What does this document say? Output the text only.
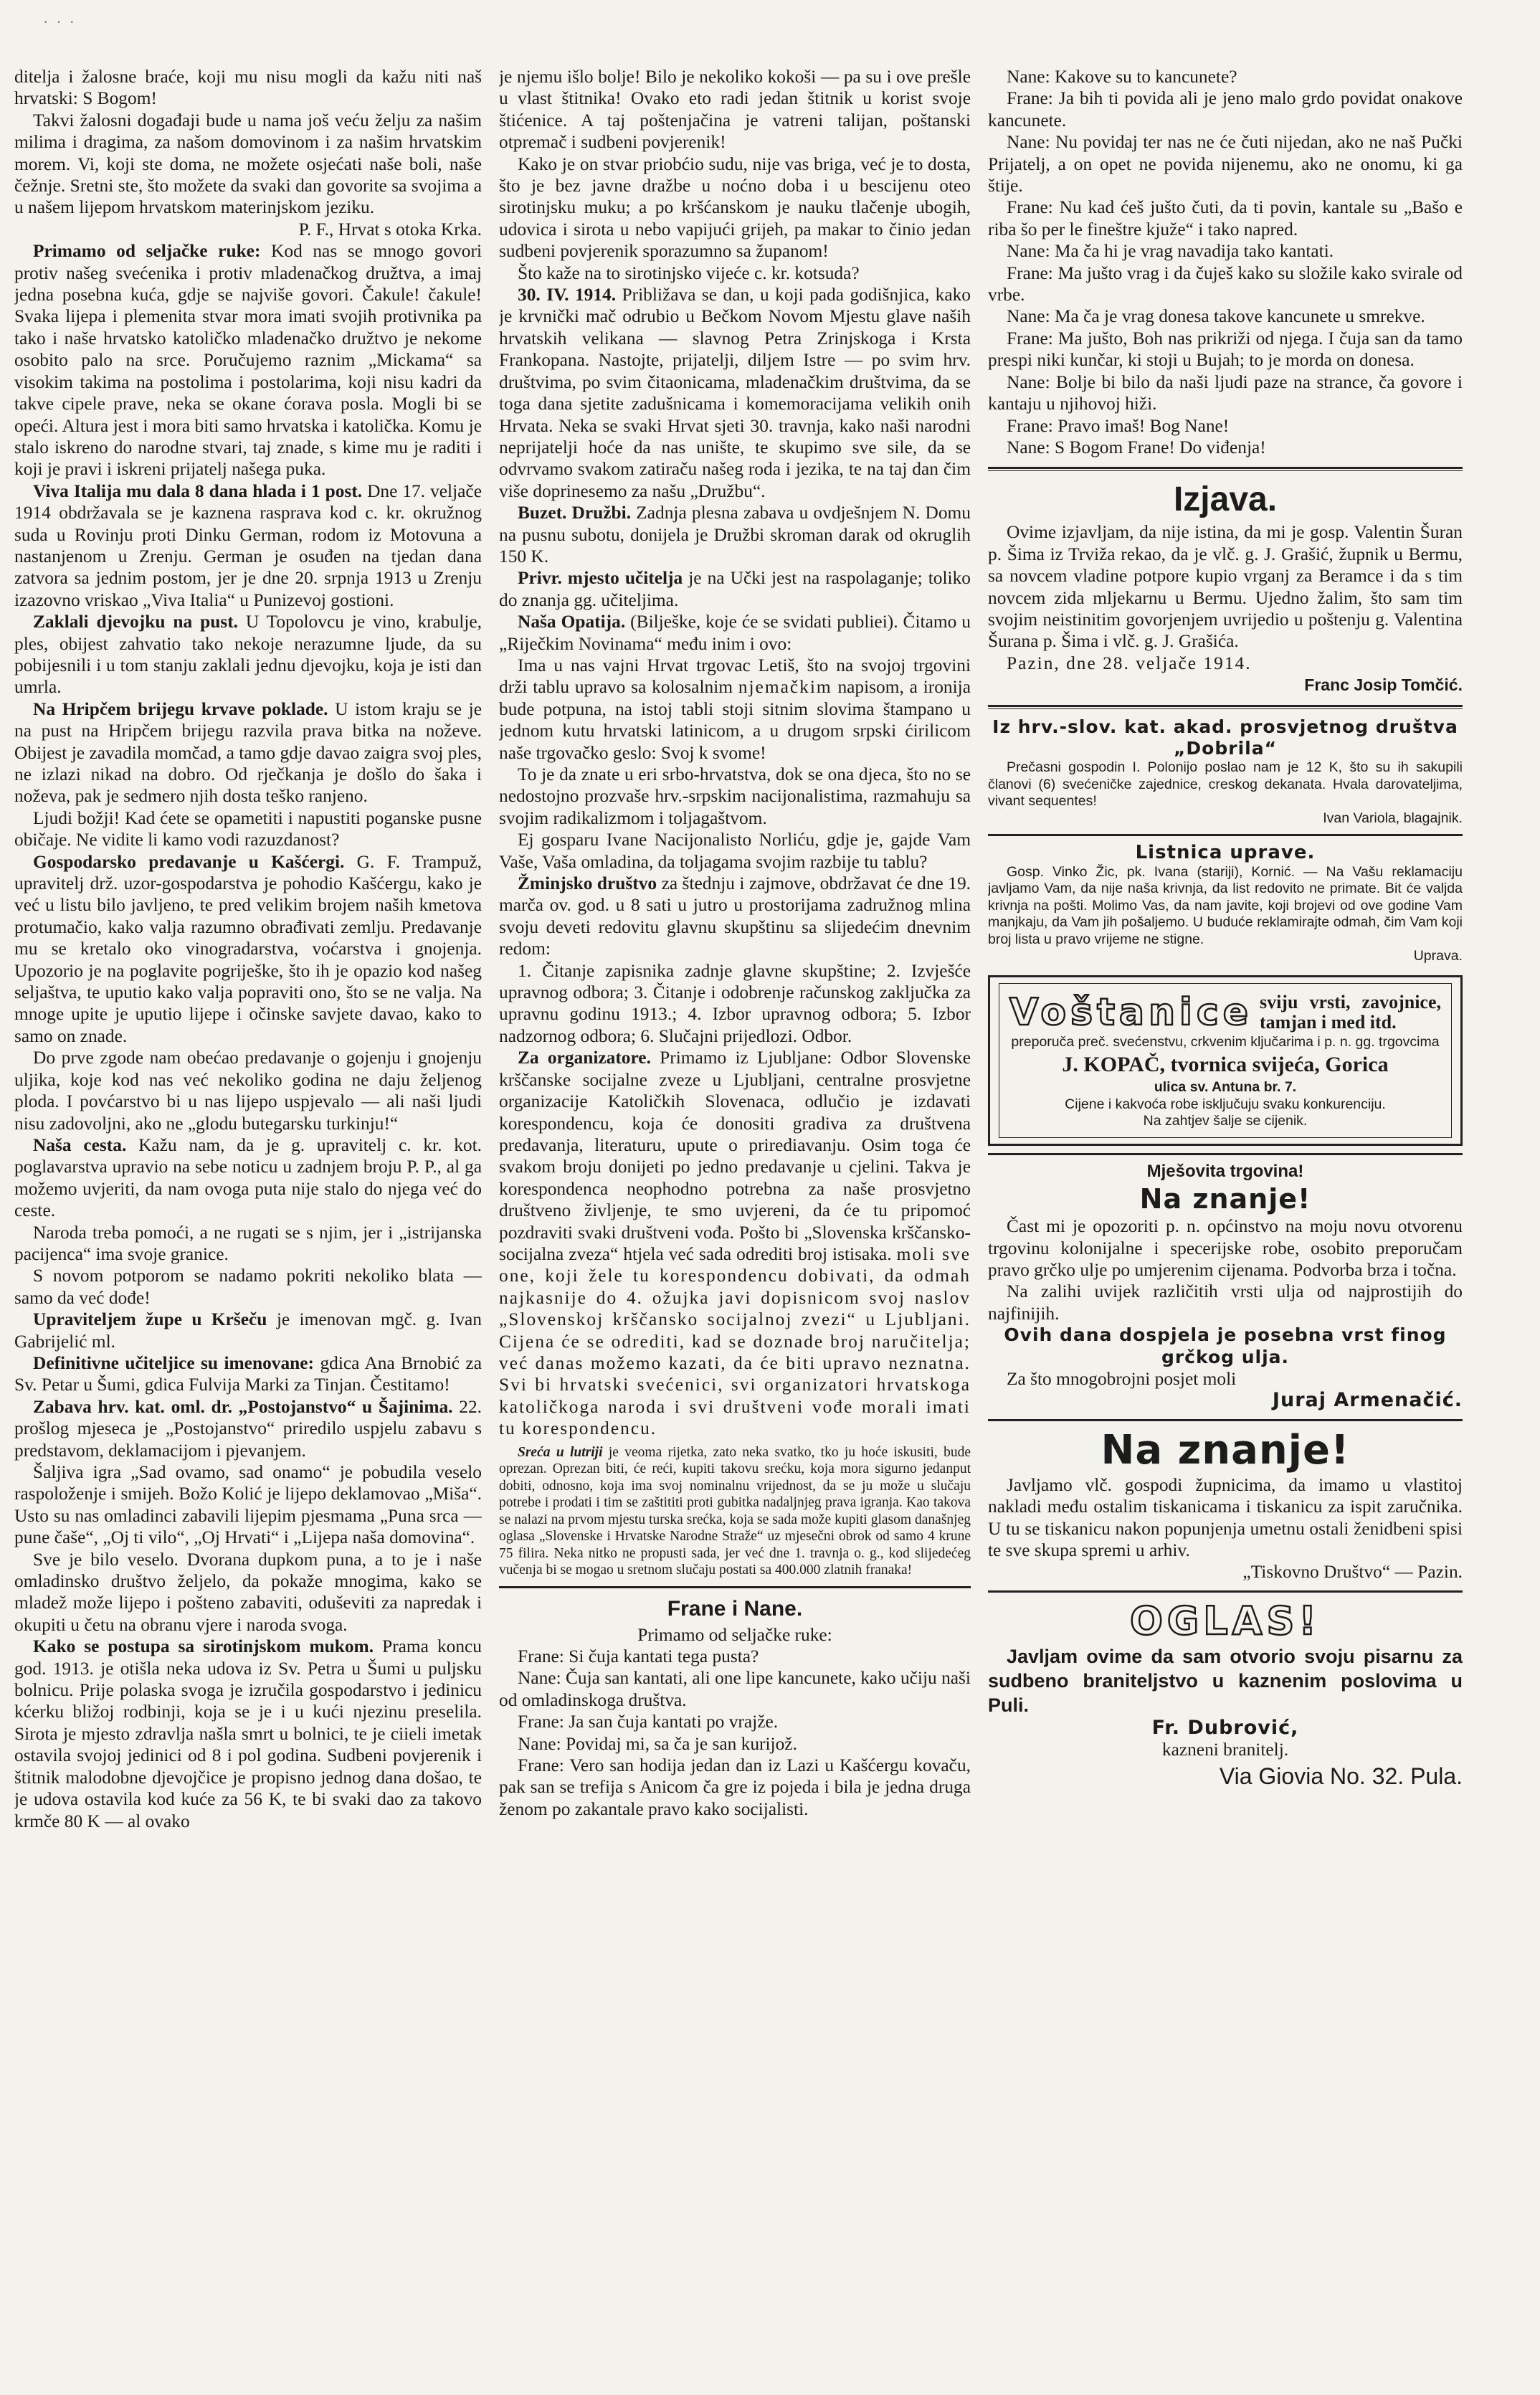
·  ·  ·

ditelja i žalosne braće, koji mu nisu mogli da kažu niti naš hrvatski: S Bogom!

Takvi žalosni događaji bude u nama još veću želju za našim milima i dragima, za našom domovinom i za našim hrvatskim morem. Vi, koji ste doma, ne možete osjećati naše boli, naše čežnje. Sretni ste, što možete da svaki dan govorite sa svojima a u našem lijepom hrvatskom materinjskom jeziku.

P. F., Hrvat s otoka Krka.

Primamo od seljačke ruke: Kod nas se mnogo govori protiv našeg svećenika i protiv mladenačkog družtva, a imaj jedna posebna kuća, gdje se najviše govori. Čakule! čakule! Svaka lijepa i plemenita stvar mora imati svojih protivnika pa tako i naše hrvatsko katoličko mladenačko družtvo je nekome osobito palo na srce. Poručujemo raznim „Mickama“ sa visokim takima na postolima i postolarima, koji nisu kadri da takve cipele prave, neka se okane ćorava posla. Mogli bi se opeći. Altura jest i mora biti samo hrvatska i katolička. Komu je stalo iskreno do narodne stvari, taj znade, s kime mu je raditi i koji je pravi i iskreni prijatelj našega puka.

Viva Italija mu dala 8 dana hlada i 1 post. Dne 17. veljače 1914 obdržavala se je kaznena rasprava kod c. kr. okružnog suda u Rovinju proti Dinku German, rodom iz Motovuna a nastanjenom u Zrenju. German je osuđen na tjedan dana zatvora sa jednim postom, jer je dne 20. srpnja 1913 u Zrenju izazovno vriskao „Viva Italia“ u Punizevoj gostioni.

Zaklali djevojku na pust. U Topolovcu je vino, krabulje, ples, obijest zahvatio tako nekoje nerazumne ljude, da su pobijesnili i u tom stanju zaklali jednu djevojku, koja je isti dan umrla.

Na Hripčem brijegu krvave poklade. U istom kraju se je na pust na Hripčem brijegu razvila prava bitka na noževe. Obijest je zavadila momčad, a tamo gdje davao zaigra svoj ples, ne izlazi nikad na dobro. Od rječkanja je došlo do šaka i noževa, pak je sedmero njih dosta teško ranjeno.

Ljudi božji! Kad ćete se opametiti i napustiti poganske pusne običaje. Ne vidite li kamo vodi razuzdanost?

Gospodarsko predavanje u Kašćergi. G. F. Trampuž, upravitelj drž. uzor-gospodarstva je pohodio Kašćergu, kako je već u listu bilo javljeno, te pred velikim brojem naših kmetova protumačio, kako valja razumno obrađivati zemlju. Predavanje mu se kretalo oko vinogradarstva, voćarstva i gnojenja. Upozorio je na poglavite pogriješke, što ih je opazio kod našeg seljaštva, te uputio kako valja popraviti ono, što se ne valja. Na mnoge upite je uputio lijepe i očinske savjete davao, kako to samo on znade.

Do prve zgode nam obećao predavanje o gojenju i gnojenju uljika, koje kod nas već nekoliko godina ne daju željenog ploda. I povćarstvo bi u nas lijepo uspjevalo — ali naši ljudi nisu zadovoljni, ako ne „glodu butegarsku turkinju!“

Naša cesta. Kažu nam, da je g. upravitelj c. kr. kot. poglavarstva upravio na sebe noticu u zadnjem broju P. P., al ga možemo uvjeriti, da nam ovoga puta nije stalo do njega već do ceste.

Naroda treba pomoći, a ne rugati se s njim, jer i „istrijanska pacijenca“ ima svoje granice.

S novom potporom se nadamo pokriti nekoliko blata — samo da već dođe!

Upraviteljem župe u Kršeču je imenovan mgč. g. Ivan Gabrijelić ml.

Definitivne učiteljice su imenovane: gdica Ana Brnobić za Sv. Petar u Šumi, gdica Fulvija Marki za Tinjan. Čestitamo!

Zabava hrv. kat. oml. dr. „Postojanstvo“ u Šajinima. 22. prošlog mjeseca je „Postojanstvo“ priredilo uspjelu zabavu s predstavom, deklamacijom i pjevanjem.

Šaljiva igra „Sad ovamo, sad onamo“ je pobudila veselo raspoloženje i smijeh. Božo Kolić je lijepo deklamovao „Miša“. Usto su nas omladinci zabavili lijepim pjesmama „Puna srca — pune čaše“, „Oj ti vilo“, „Oj Hrvati“ i „Lijepa naša domovina“.

Sve je bilo veselo. Dvorana dupkom puna, a to je i naše omladinsko društvo željelo, da pokaže mnogima, kako se mladež može lijepo i pošteno zabaviti, oduševiti za napredak i okupiti u četu na obranu vjere i naroda svoga.

Kako se postupa sa sirotinjskom mukom. Prama koncu god. 1913. je otišla neka udova iz Sv. Petra u Šumi u puljsku bolnicu. Prije polaska svoga je izručila gospodarstvo i jedinicu kćerku bližoj rodbinji, koja se je i u kući njezinu preselila. Sirota je mjesto zdravlja našla smrt u bolnici, te je ciieli imetak ostavila svojoj jedinici od 8 i pol godina. Sudbeni povjerenik i štitnik malodobne djevojčice je propisno jednog dana došao, te je udova ostavila kod kuće za 56 K, te bi svaki dao za takovo krmče 80 K — al ovako

je njemu išlo bolje! Bilo je nekoliko kokoši — pa su i ove prešle u vlast štitnika! Ovako eto radi jedan štitnik u korist svoje štićenice. A taj poštenjačina je vatreni talijan, poštanski otpremač i sudbeni povjerenik!

Kako je on stvar priobćio sudu, nije vas briga, već je to dosta, što je bez javne dražbe u noćno doba i u bescijenu oteo sirotinjsku muku; a po kršćanskom je nauku tlačenje ubogih, udovica i sirota u nebo vapijući grijeh, pa makar to činio jedan sudbeni povjerenik sporazumno sa županom!

Što kaže na to sirotinjsko vijeće c. kr. kotsuda?

30. IV. 1914. Približava se dan, u koji pada godišnjica, kako je krvnički mač odrubio u Bečkom Novom Mjestu glave naših hrvatskih velikana — slavnog Petra Zrinjskoga i Krsta Frankopana. Nastojte, prijatelji, diljem Istre — po svim hrv. društvima, po svim čitaonicama, mladenačkim društvima, da se toga dana sjetite zadušnicama i komemoracijama velikih onih Hrvata. Neka se svaki Hrvat sjeti 30. travnja, kako naši narodni neprijatelji hoće da nas unište, te skupimo sve sile, da se odvrvamo svakom zatiraču našeg roda i jezika, te na taj dan čim više doprinesemo za našu „Družbu“.

Buzet. Družbi. Zadnja plesna zabava u ovdješnjem N. Domu na pusnu subotu, donijela je Družbi skroman darak od okruglih 150 K.

Privr. mjesto učitelja je na Učki jest na raspolaganje; toliko do znanja gg. učiteljima.

Naša Opatija. (Bilješke, koje će se svidati publiei). Čitamo u „Riječkim Novinama“ među inim i ovo:

Ima u nas vajni Hrvat trgovac Letiš, što na svojoj trgovini drži tablu upravo sa kolosalnim njemačkim napisom, a ironija bude potpuna, na istoj tabli stoji sitnim slovima štampano u jednom kutu hrvatski latinicom, a u drugom srpski ćirilicom naše trgovačko geslo: Svoj k svome!

To je da znate u eri srbo-hrvatstva, dok se ona djeca, što no se nedostojno prozvaše hrv.-srpskim nacijonalistima, razmahuju sa svojim radikalizmom i toljagaštvom.

Ej gosparu Ivane Nacijonalisto Norliću, gdje je, gajde Vam Vaše, Vaša omladina, da toljagama svojim razbije tu tablu?

Žminjsko društvo za štednju i zajmove, obdržavat će dne 19. marča ov. god. u 8 sati u jutro u prostorijama zadružnog mlina svoju deveti redovitu glavnu skupštinu sa slijedećim dnevnim redom:

1. Čitanje zapisnika zadnje glavne skupštine; 2. Izvješće upravnog odbora; 3. Čitanje i odobrenje računskog zaključka za upravnu godinu 1913.; 4. Izbor upravnog odbora; 5. Izbor nadzornog odbora; 6. Slučajni prijedlozi. Odbor.

Za organizatore. Primamo iz Ljubljane: Odbor Slovenske krščanske socijalne zveze u Ljubljani, centralne prosvjetne organizacije Katoličkih Slovenaca, odlučio je izdavati korespondencu, koja će donositi gradiva za društvena predavanja, literaturu, upute o prirediavanju. Osim toga će svakom broju donijeti po jedno predavanje u cjelini. Takva je korespondenca neophodno potrebna za naše prosvjetno društveno življenje, te smo uvjereni, da će tu pripomoć pozdraviti svaki društveni vođa. Pošto bi „Slovenska krščansko-socijalna zveza“ htjela već sada odrediti broj istisaka. moli sve one, koji žele tu korespondencu dobivati, da odmah najkasnije do 4. ožujka javi dopisnicom svoj naslov „Slovenskoj krščansko socijalnoj zvezi“ u Ljubljani. Cijena će se odrediti, kad se doznade broj naručitelja; već danas možemo kazati, da će biti upravo neznatna. Svi bi hrvatski svećenici, svi organizatori hrvatskoga katoličkoga naroda i svi društveni vođe morali imati tu korespondencu.

Sreća u lutriji je veoma rijetka, zato neka svatko, tko ju hoće iskusiti, bude oprezan. Oprezan biti, će reći, kupiti takovu srećku, koja mora sigurno jedanput dobiti, odnosno, koja ima svoj nominalnu vrijednost, da se ju može u slučaju potrebe i prodati i tim se zaštititi proti gubitka nadaljnjeg prava igranja. Kao takova se nalazi na prvom mjestu turska srećka, koja se sada može kupiti glasom današnjeg oglasa „Slovenske i Hrvatske Narodne Straže“ uz mjesečni obrok od samo 4 krune 75 filira. Neka nitko ne propusti sada, jer već dne 1. travnja o. g., kod slijedećeg vučenja bi se mogao u sretnom slučaju postati sa 400.000 zlatnih franaka!

Frane i Nane.

Primamo od seljačke ruke:

Frane: Si čuja kantati tega pusta?

Nane: Čuja san kantati, ali one lipe kancunete, kako učiju naši od omladinskoga društva.

Frane: Ja san čuja kantati po vrajže.

Nane: Povidaj mi, sa ča je san kurijož.

Frane: Vero san hodija jedan dan iz Lazi u Kašćergu kovaču, pak san se trefija s Anicom ča gre iz pojeda i bila je jedna druga ženom po zakantale pravo kako socijalisti.

Nane: Kakove su to kancunete?

Frane: Ja bih ti povida ali je jeno malo grdo povidat onakove kancunete.

Nane: Nu povidaj ter nas ne će čuti nijedan, ako ne naš Pučki Prijatelj, a on opet ne povida nijenemu, ako ne onomu, ki ga štije.

Frane: Nu kad ćeš jušto čuti, da ti povin, kantale su „Bašo e riba šo per le fineštre kjuže“ i tako napred.

Nane: Ma ča hi je vrag navadija tako kantati.

Frane: Ma jušto vrag i da čuješ kako su složile kako svirale od vrbe.

Nane: Ma ča je vrag donesa takove kancunete u smrekve.

Frane: Ma jušto, Boh nas prikriži od njega. I čuja san da tamo prespi niki kunčar, ki stoji u Bujah; to je morda on donesa.

Nane: Bolje bi bilo da naši ljudi paze na strance, ča govore i kantaju u njihovoj hiži.

Frane: Pravo imaš! Bog Nane!

Nane: S Bogom Frane! Do viđenja!

Izjava.

Ovime izjavljam, da nije istina, da mi je gosp. Valentin Šuran p. Šima iz Trviža rekao, da je vlč. g. J. Grašić, župnik u Bermu, sa novcem vladine potpore kupio vrganj za Beramce i da s tim novcem zida mljekarnu u Bermu. Ujedno žalim, što sam tim svojim neistinitim govorjenjem uvrijedio u poštenju g. Valentina Šurana p. Šima i vlč. g. J. Grašića.

Pazin, dne 28. veljače 1914.

Franc Josip Tomčić.

Iz hrv.-slov. kat. akad. prosvjetnog društva „Dobrila“

Prečasni gospodin I. Polonijo poslao nam je 12 K, što su ih sakupili članovi (6) svećeničke zajednice, creskog dekanata. Hvala darovateljima, vivant sequentes!

Ivan Variola, blagajnik.

Listnica uprave.

Gosp. Vinko Žic, pk. Ivana (stariji), Kornić. — Na Vašu reklamaciju javljamo Vam, da nije naša krivnja, da list redovito ne primate. Bit će valjda krivnja na pošti. Molimo Vas, da nam javite, koji brojevi od ove godine Vam manjkaju, da Vam jih pošaljemo. U buduće reklamirajte odmah, čim Vam koji broj lista u pravo vrijeme ne stigne.

Uprava.

Voštanice sviju vrsti, zavojnice, tamjan i med itd.

preporuča preč. svećenstvu, crkvenim ključarima i p. n. gg. trgovcima

J. KOPAČ, tvornica svijeća, Gorica

ulica sv. Antuna br. 7.

Cijene i kakvoća robe isključuju svaku konkurenciju.

Na zahtjev šalje se cijenik.

Mješovita trgovina!

Na znanje!

Čast mi je opozoriti p. n. općinstvo na moju novu otvorenu trgovinu kolonijalne i specerijske robe, osobito preporučam pravo grčko ulje po umjerenim cijenama. Podvorba brza i točna.

Na zalihi uvijek različitih vrsti ulja od najprostijih do najfinijih.

Ovih dana dospjela je posebna vrst finog grčkog ulja.

Za što mnogobrojni posjet moli

Juraj Armenačić.

Na znanje!

Javljamo vlč. gospodi župnicima, da imamo u vlastitoj nakladi među ostalim tiskanicama i tiskanicu za ispit zaručnika. U tu se tiskanicu nakon popunjenja umetnu ostali ženidbeni spisi te sve skupa spremi u arhiv.

„Tiskovno Društvo“ — Pazin.

OGLAS!

Javljam ovime da sam otvorio svoju pisarnu za sudbeno braniteljstvo u kaznenim poslovima u Puli.

Fr. Dubrović,

kazneni branitelj.

Via Giovia No. 32. Pula.
